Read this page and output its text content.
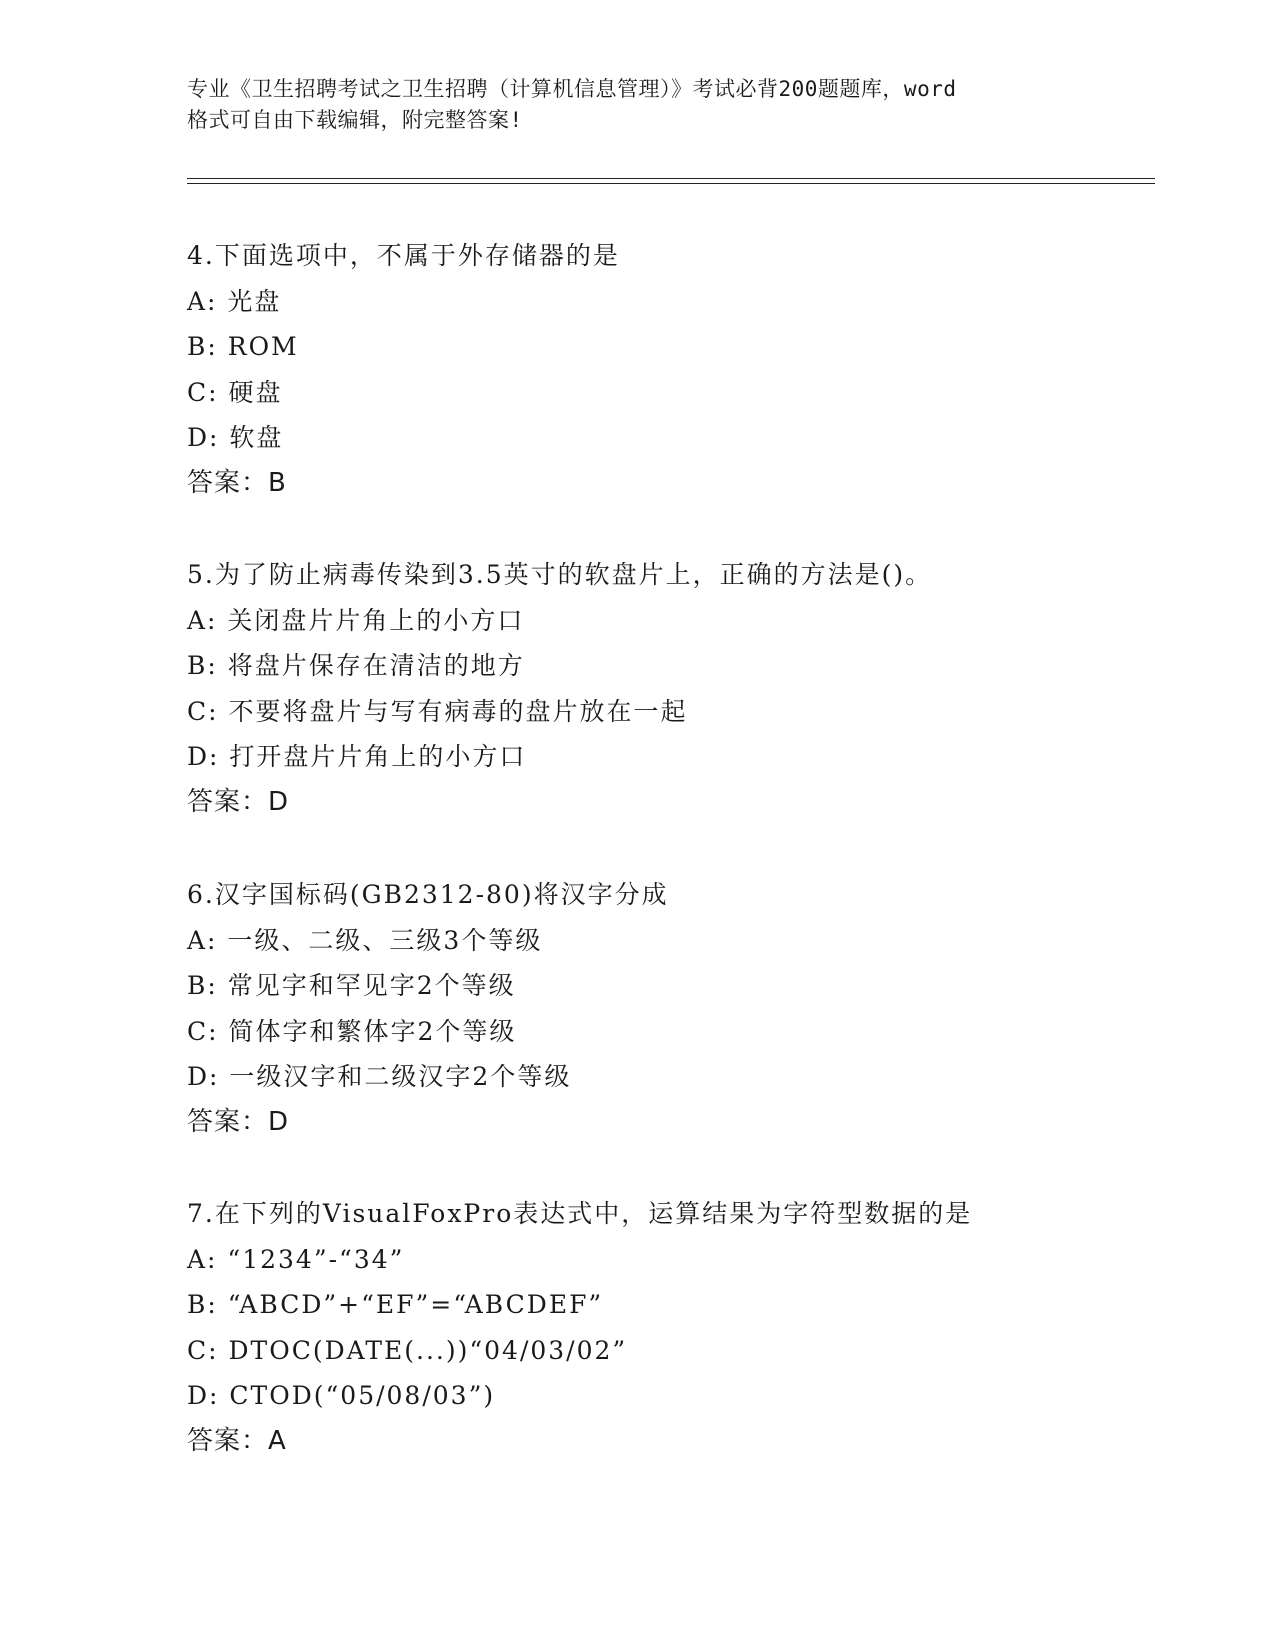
专业《卫生招聘考试之卫生招聘（计算机信息管理）》考试必背200题题库，word

格式可自由下载编辑，附完整答案!

4.下面选项中，不属于外存储器的是
A: 光盘
B: ROM
C: 硬盘
D: 软盘
答案：B
5.为了防止病毒传染到3.5英寸的软盘片上，正确的方法是()。
A: 关闭盘片片角上的小方口
B: 将盘片保存在清洁的地方
C: 不要将盘片与写有病毒的盘片放在一起
D: 打开盘片片角上的小方口
答案：D
6.汉字国标码(GB2312-80)将汉字分成
A: 一级、二级、三级3个等级
B: 常见字和罕见字2个等级
C: 简体字和繁体字2个等级
D: 一级汉字和二级汉字2个等级
答案：D
7.在下列的VisualFoxPro表达式中，运算结果为字符型数据的是
A: “1234”-“34”
B: “ABCD”+“EF”=“ABCDEF”
C: DTOC(DATE(...))“04/03/02”
D: CTOD(“05/08/03”)
答案：A
